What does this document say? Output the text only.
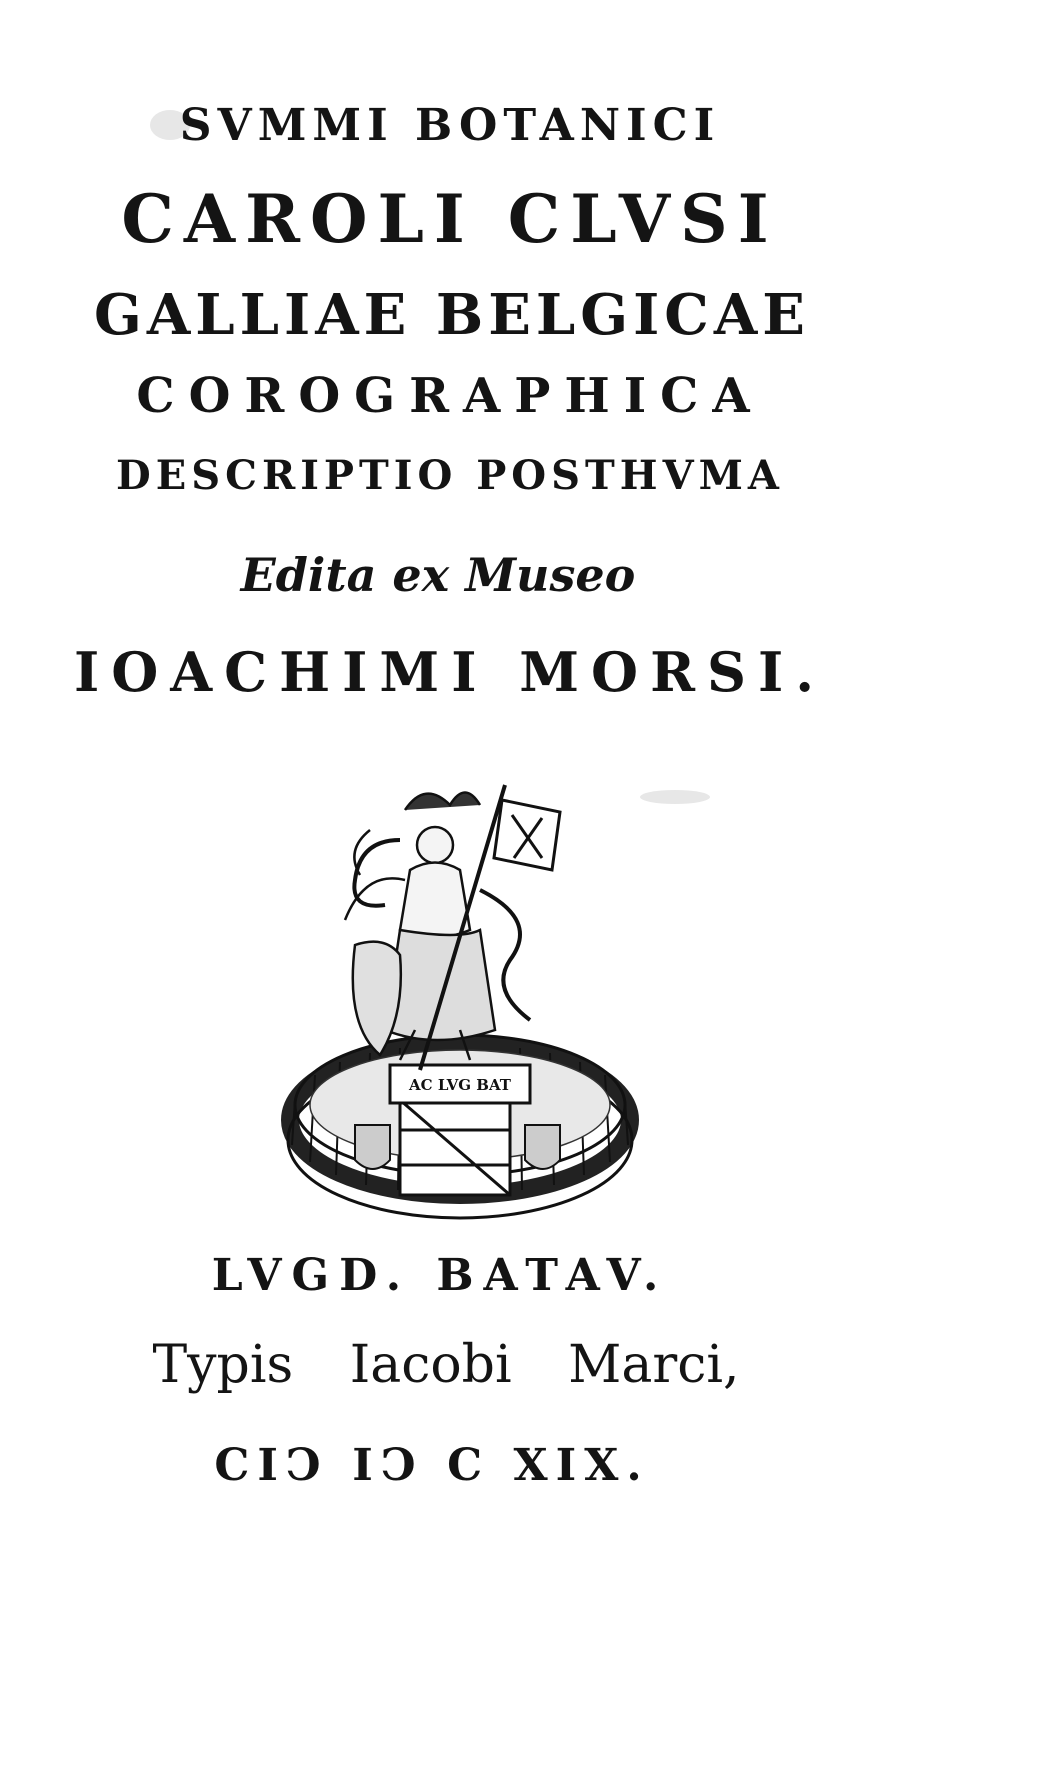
SVMMI BOTANICI
CAROLI CLVSI
GALLIAE BELGICAE
COROGRAPHICA
DESCRIPTIO POSTHVMA
Edita ex Museo
IOACHIMI MORSI.
AC LVG BAT
LVGD. BATAV.
Typis Iacobi Marci,
CIↃ IↃ C XIX.
